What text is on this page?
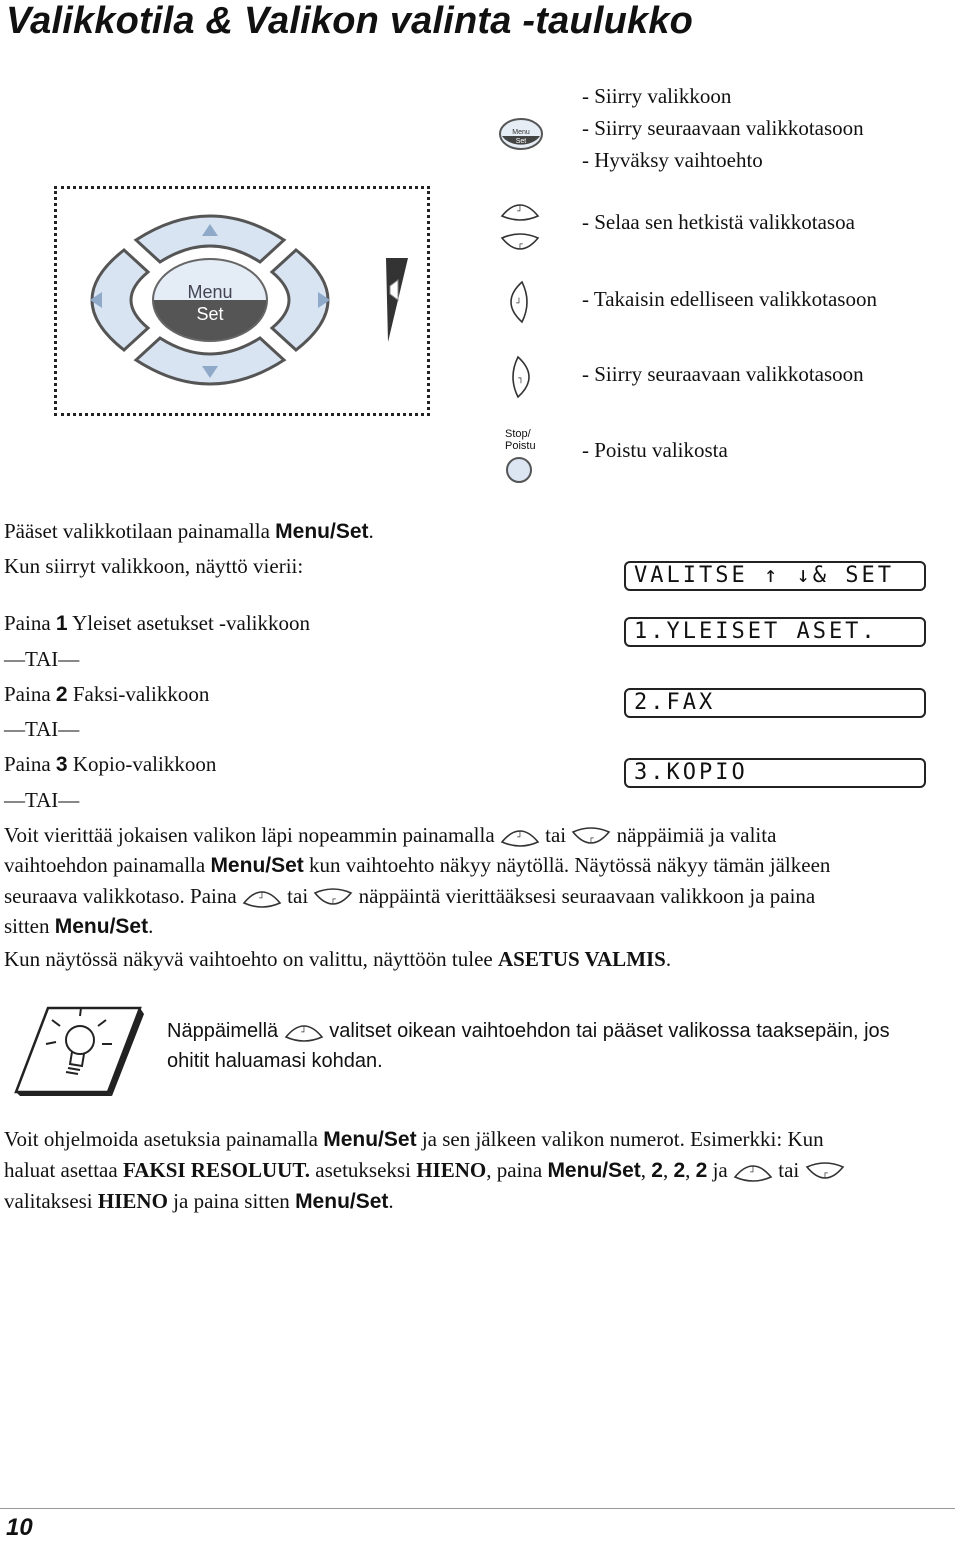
Valikkotila & Valikon valinta -taulukko
Menu
Set
Menu
Set
Stop/
Poistu
- Siirry valikkoon
- Siirry seuraavaan valikkotasoon
- Hyväksy vaihtoehto
- Selaa sen hetkistä valikkotasoa
- Takaisin edelliseen valikkotasoon
- Siirry seuraavaan valikkotasoon
- Poistu valikosta
Pääset valikkotilaan painamalla Menu/Set.
Kun siirryt valikkoon, näyttö vierii:
Paina 1 Yleiset asetukset -valikkoon
—TAI—
Paina 2 Faksi-valikkoon
—TAI—
Paina 3 Kopio-valikkoon
—TAI—
VALITSE ↑ ↓& SET
1.YLEISET ASET.
2.FAX
3.KOPIO
Voit vierittää jokaisen valikon läpi nopeammin painamalla  tai  näppäimiä ja valita
vaihtoehdon painamalla Menu/Set kun vaihtoehto näkyy näytöllä. Näytössä näkyy tämän jälkeen
seuraava valikkotaso. Paina  tai  näppäintä vierittääksesi seuraavaan valikkoon ja paina
sitten Menu/Set.
Kun näytössä näkyvä vaihtoehto on valittu, näyttöön tulee ASETUS VALMIS.
Näppäimellä  valitset oikean vaihtoehdon tai pääset valikossa taaksepäin, jos
ohitit haluamasi kohdan.
Voit ohjelmoida asetuksia painamalla Menu/Set ja sen jälkeen valikon numerot. Esimerkki: Kun
haluat asettaa FAKSI RESOLUUT. asetukseksi HIENO, paina Menu/Set, 2, 2, 2 ja  tai
valitaksesi HIENO ja paina sitten Menu/Set.
10
